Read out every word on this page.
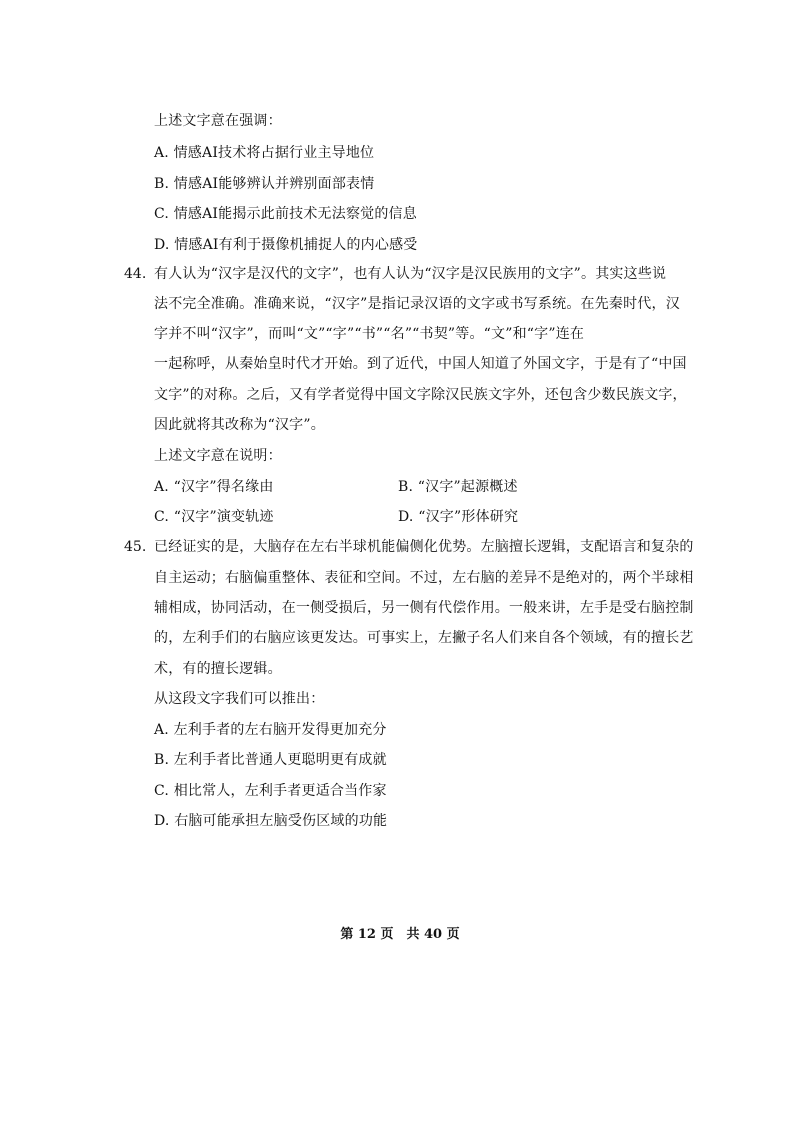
上述文字意在强调：
A. 情感AI技术将占据行业主导地位
B. 情感AI能够辨认并辨别面部表情
C. 情感AI能揭示此前技术无法察觉的信息
D. 情感AI有利于摄像机捕捉人的内心感受
44. 有人认为“汉字是汉代的文字”，也有人认为“汉字是汉民族用的文字”。其实这些说
法不完全准确。准确来说，“汉字”是指记录汉语的文字或书写系统。在先秦时代，汉
字并不叫“汉字”，而叫“文”“字”“书”“名”“书契”等。“文”和“字”连在
一起称呼，从秦始皇时代才开始。到了近代，中国人知道了外国文字，于是有了“中国
文字”的对称。之后，又有学者觉得中国文字除汉民族文字外，还包含少数民族文字，
因此就将其改称为“汉字”。
上述文字意在说明：
A. “汉字”得名缘由	B. “汉字”起源概述
C. “汉字”演变轨迹	D. “汉字”形体研究
45. 已经证实的是，大脑存在左右半球机能偏侧化优势。左脑擅长逻辑，支配语言和复杂的
自主运动；右脑偏重整体、表征和空间。不过，左右脑的差异不是绝对的，两个半球相
辅相成，协同活动，在一侧受损后，另一侧有代偿作用。一般来讲，左手是受右脑控制
的，左利手们的右脑应该更发达。可事实上，左撇子名人们来自各个领域，有的擅长艺
术，有的擅长逻辑。
从这段文字我们可以推出：
A. 左利手者的左右脑开发得更加充分
B. 左利手者比普通人更聪明更有成就
C. 相比常人，左利手者更适合当作家
D. 右脑可能承担左脑受伤区域的功能
第 12 页　共 40 页
